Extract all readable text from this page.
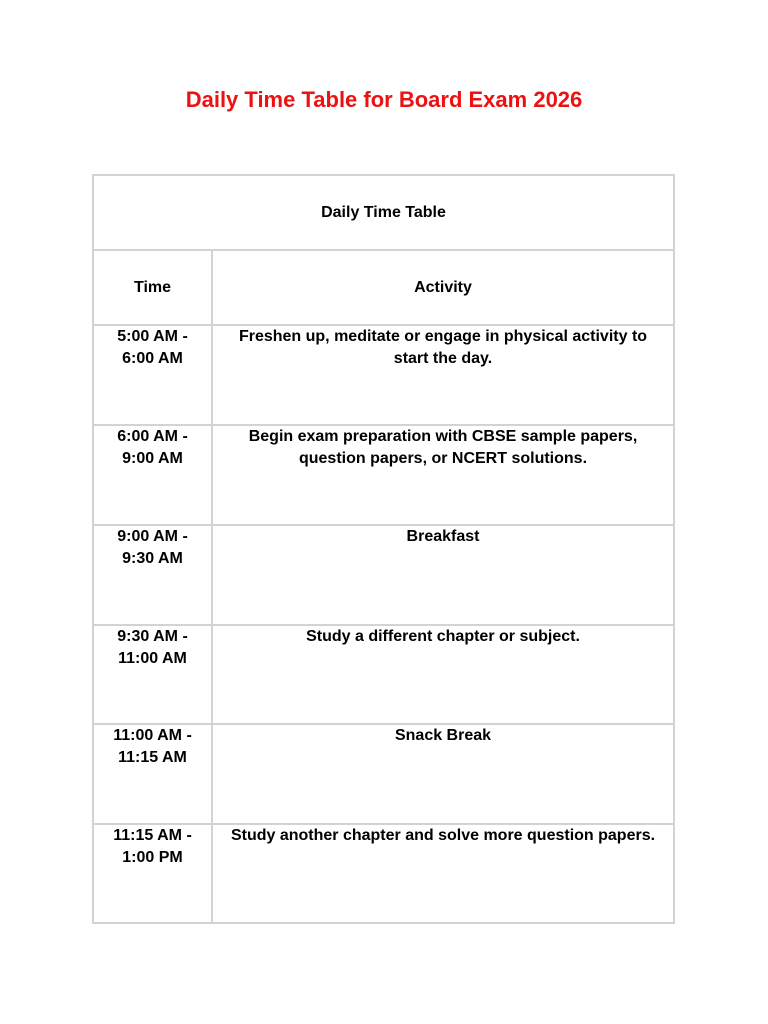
Daily Time Table for Board Exam 2026
Daily Time Table	
Time	Activity
5:00 AM - 6:00 AM	Freshen up, meditate or engage in physical activity to start the day.
6:00 AM - 9:00 AM	Begin exam preparation with CBSE sample papers, question papers, or NCERT solutions.
9:00 AM - 9:30 AM	Breakfast
9:30 AM - 11:00 AM	Study a different chapter or subject.
11:00 AM - 11:15 AM	Snack Break
11:15 AM - 1:00 PM	Study another chapter and solve more question papers.
